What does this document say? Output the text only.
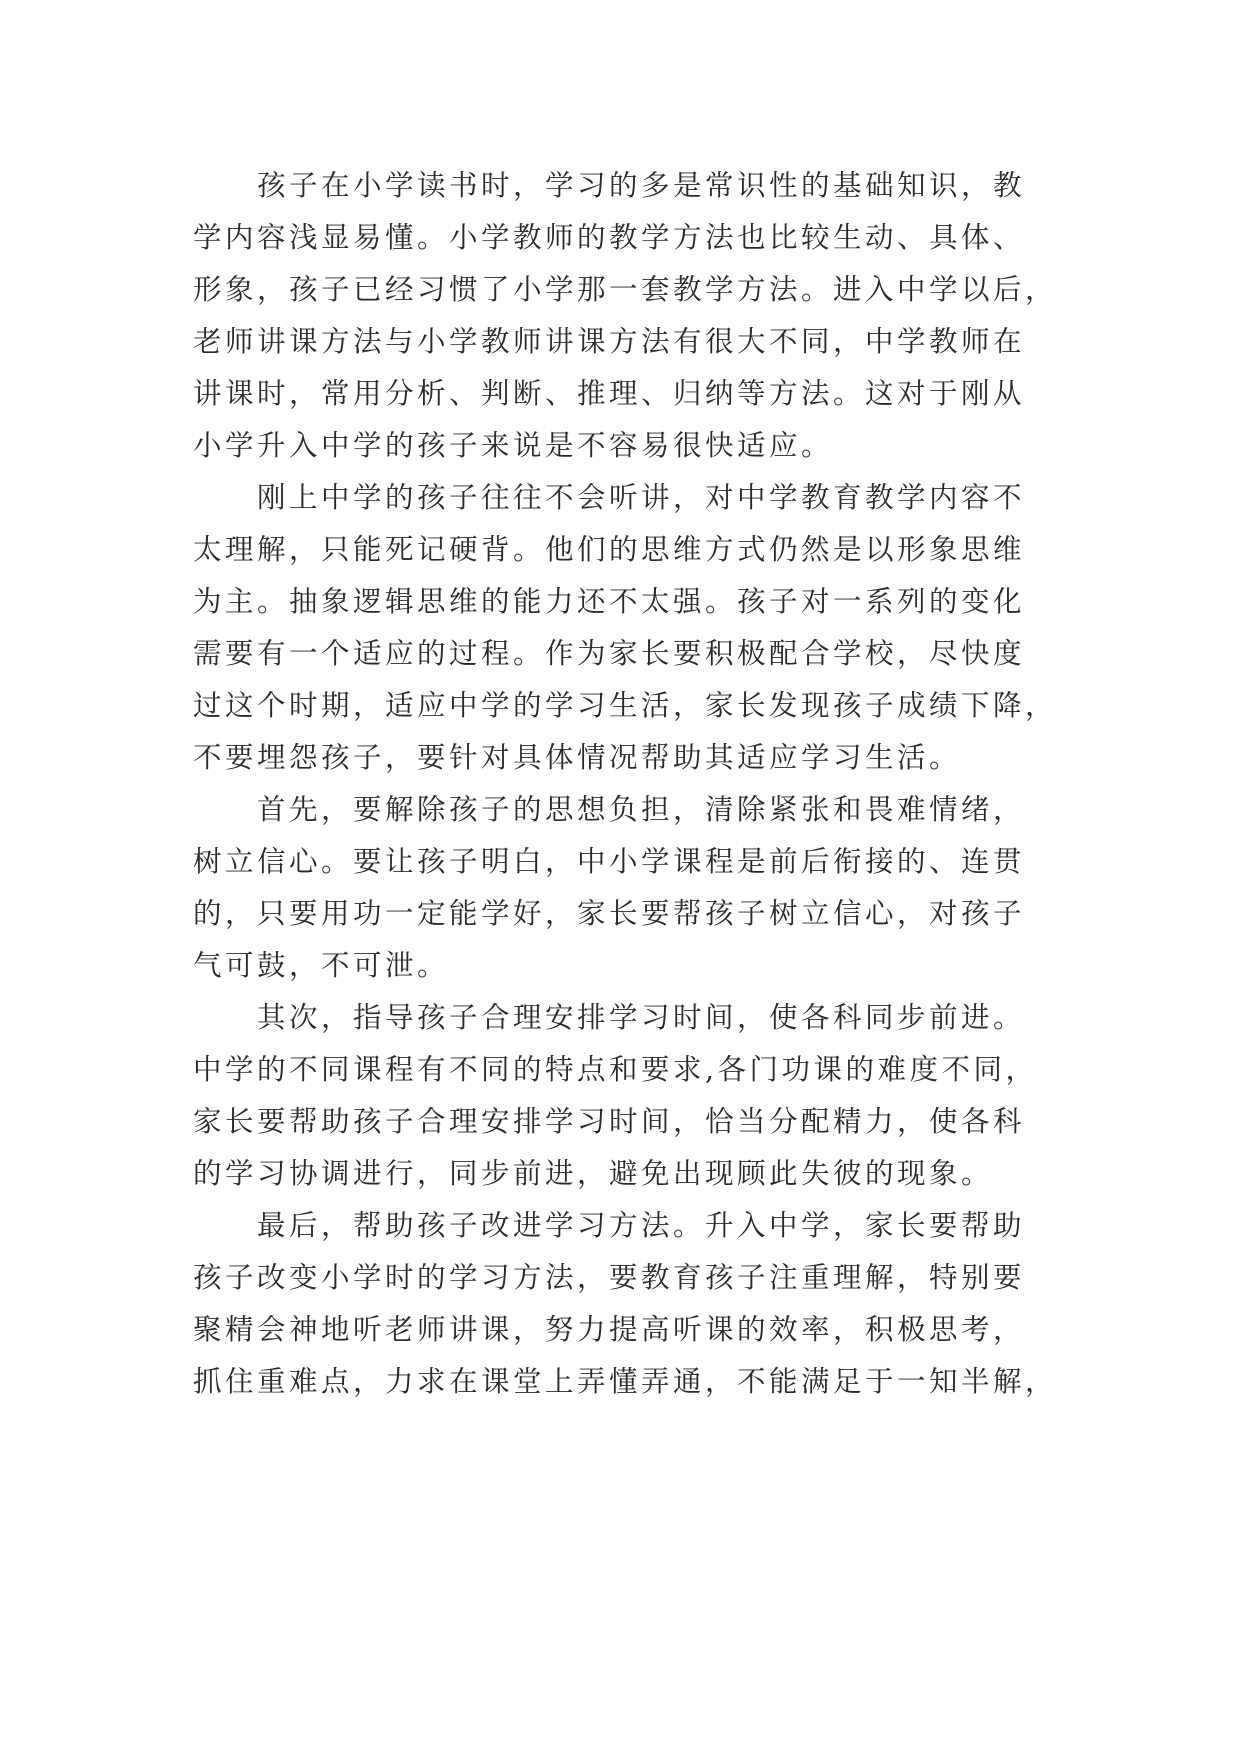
孩子在小学读书时，学习的多是常识性的基础知识，教
学内容浅显易懂。小学教师的教学方法也比较生动、具体、
形象，孩子已经习惯了小学那一套教学方法。进入中学以后，
老师讲课方法与小学教师讲课方法有很大不同，中学教师在
讲课时，常用分析、判断、推理、归纳等方法。这对于刚从
小学升入中学的孩子来说是不容易很快适应。

刚上中学的孩子往往不会听讲，对中学教育教学内容不
太理解，只能死记硬背。他们的思维方式仍然是以形象思维
为主。抽象逻辑思维的能力还不太强。孩子对一系列的变化
需要有一个适应的过程。作为家长要积极配合学校，尽快度
过这个时期，适应中学的学习生活，家长发现孩子成绩下降，
不要埋怨孩子，要针对具体情况帮助其适应学习生活。

首先，要解除孩子的思想负担，清除紧张和畏难情绪，
树立信心。要让孩子明白，中小学课程是前后衔接的、连贯
的，只要用功一定能学好，家长要帮孩子树立信心，对孩子
气可鼓，不可泄。

其次，指导孩子合理安排学习时间，使各科同步前进。
中学的不同课程有不同的特点和要求,各门功课的难度不同，
家长要帮助孩子合理安排学习时间，恰当分配精力，使各科
的学习协调进行，同步前进，避免出现顾此失彼的现象。

最后，帮助孩子改进学习方法。升入中学，家长要帮助
孩子改变小学时的学习方法，要教育孩子注重理解，特别要
聚精会神地听老师讲课，努力提高听课的效率，积极思考，
抓住重难点，力求在课堂上弄懂弄通，不能满足于一知半解，
